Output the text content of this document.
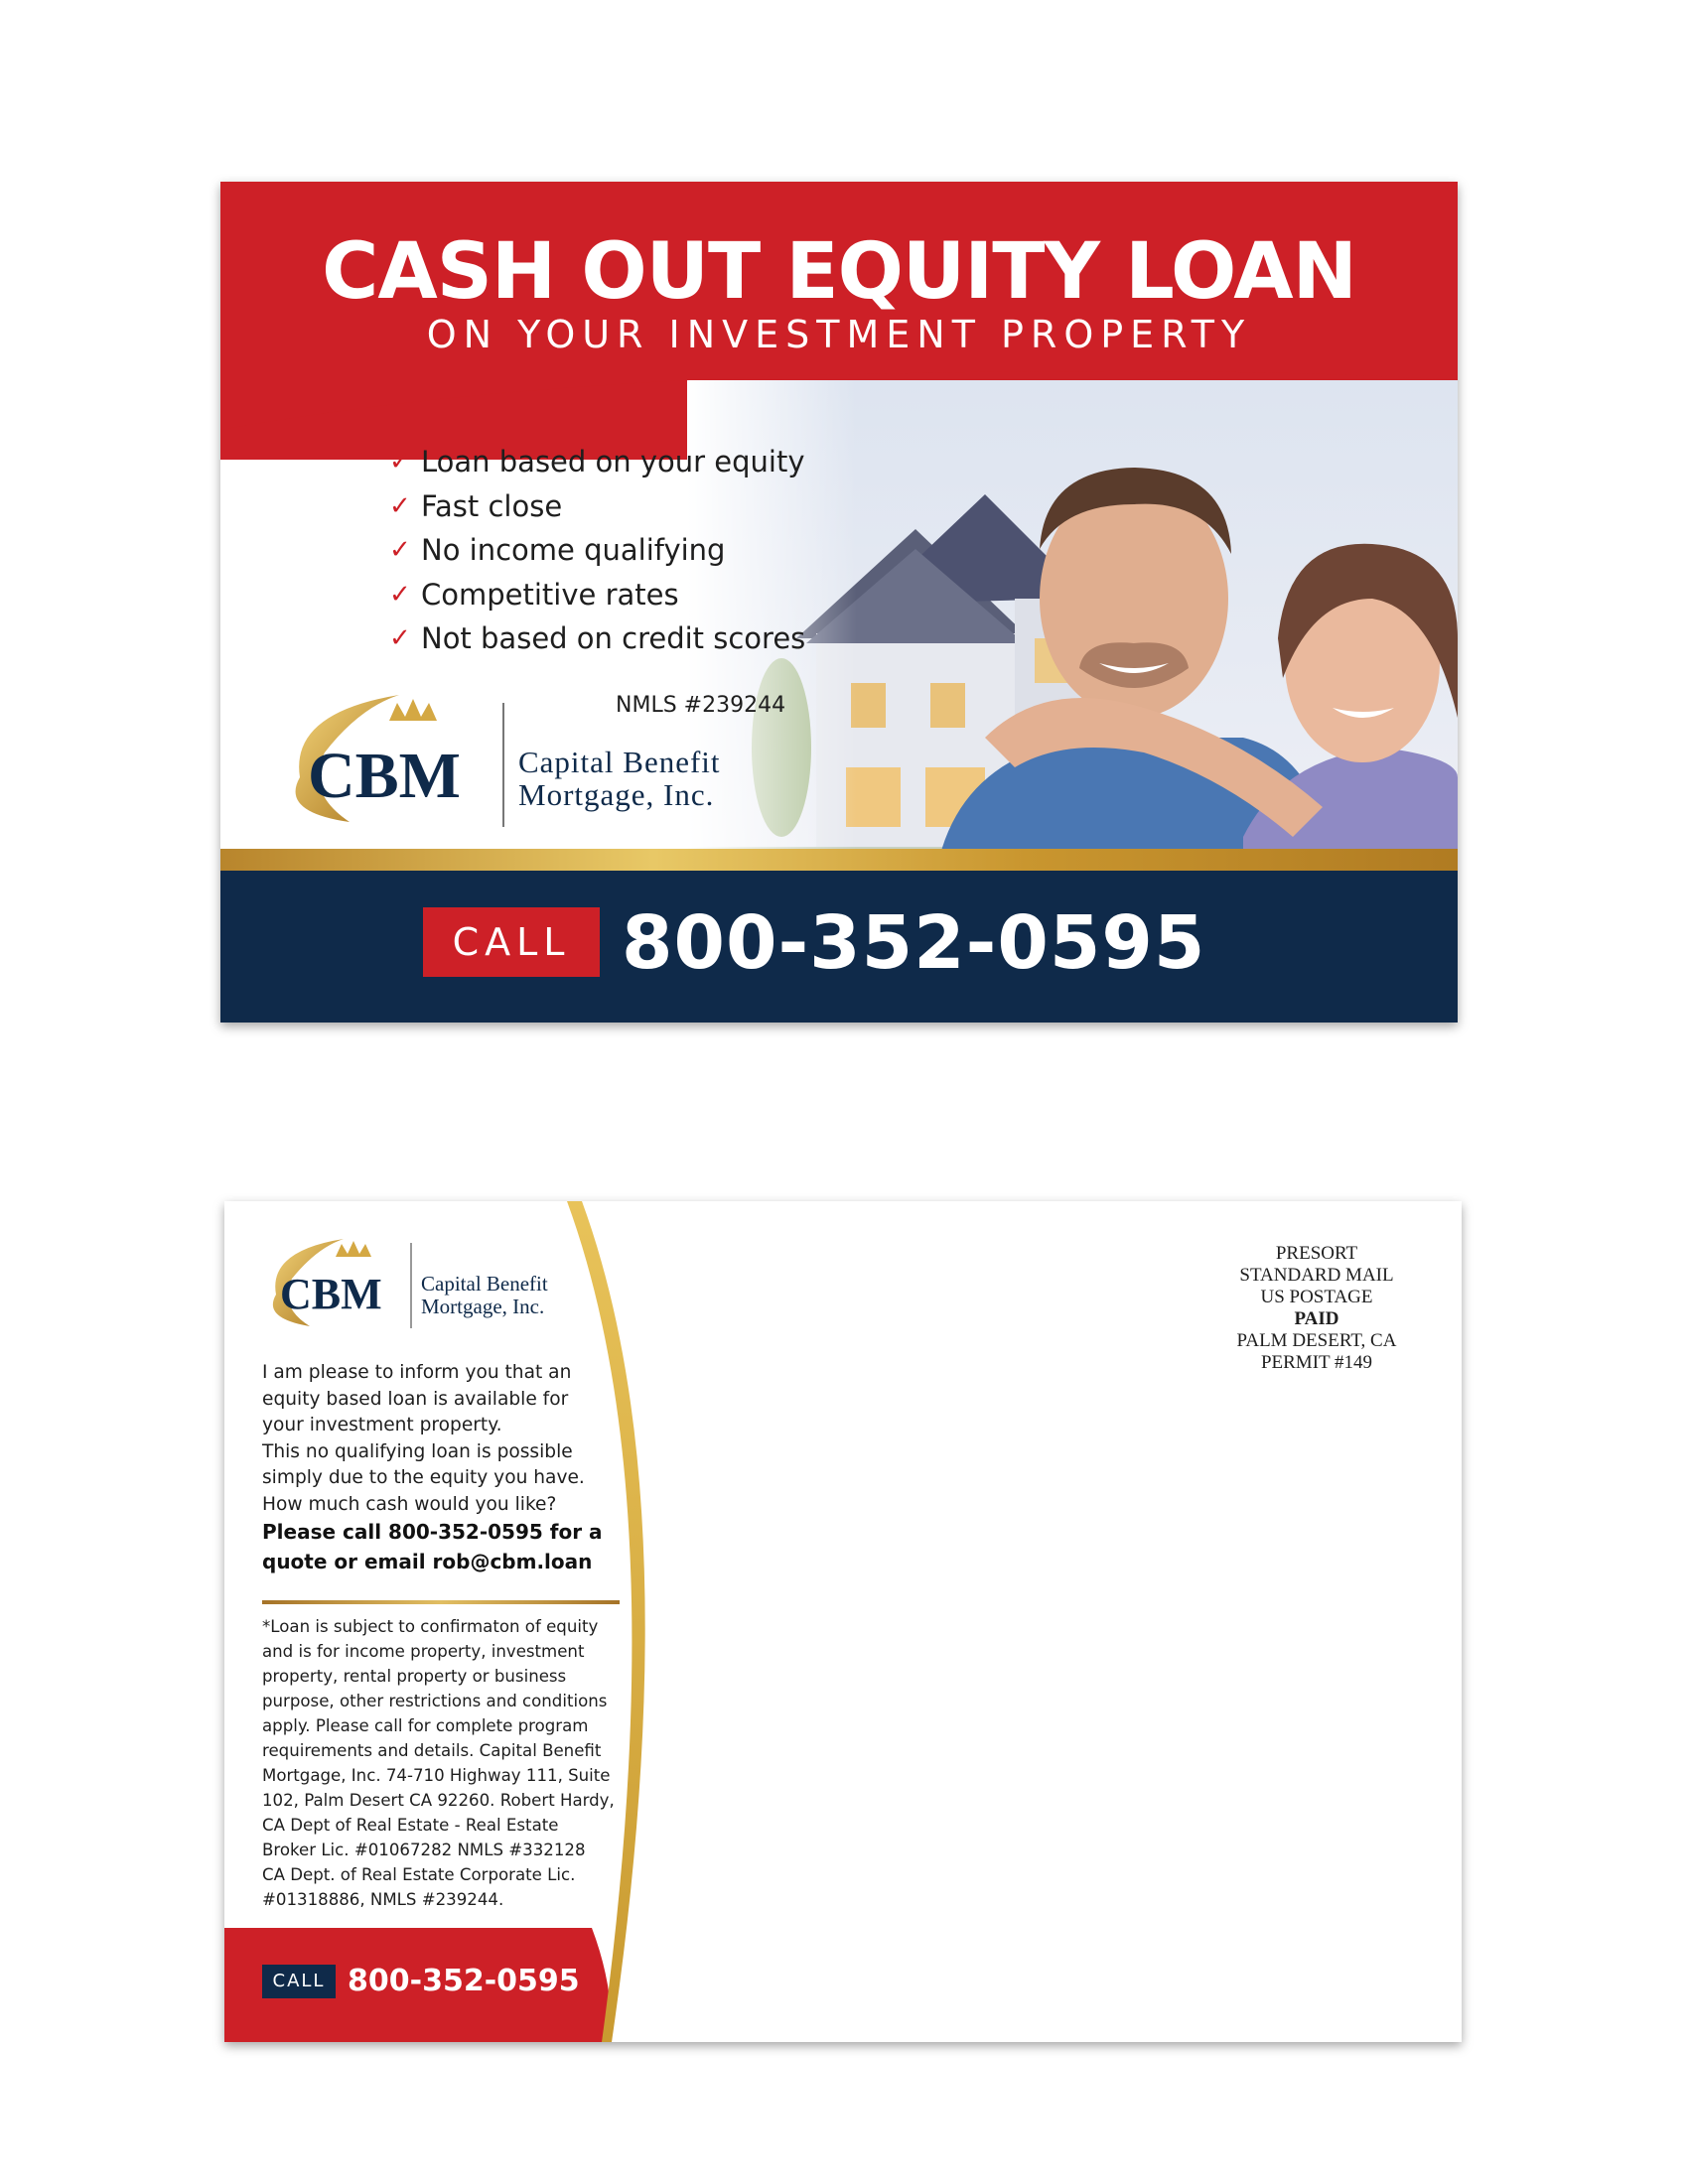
CASH OUT EQUITY LOAN
ON YOUR INVESTMENT PROPERTY
✓ Loan based on your equity
✓ Fast close
✓ No income qualifying
✓ Competitive rates
✓ Not based on credit scores
NMLS #239244
CBM Capital Benefit
Mortgage, Inc.
CALL 800-352-0595
CBM Capital Benefit
Mortgage, Inc.

I am please to inform you that an

equity based loan is available for

your investment property.

This no qualifying loan is possible

simply due to the equity you have.

How much cash would you like?

Please call 800-352-0595 for a
quote or email rob@cbm.loan
*Loan is subject to confirmaton of equity
and is for income property, investment
property, rental property or business
purpose, other restrictions and conditions
apply. Please call for complete program
requirements and details. Capital Benefit
Mortgage, Inc. 74-710 Highway 111, Suite
102, Palm Desert CA 92260. Robert Hardy,
CA Dept of Real Estate - Real Estate
Broker Lic. #01067282 NMLS #332128
CA Dept. of Real Estate Corporate Lic.
#01318886, NMLS #239244.
CALL 800-352-0595
PRESORT
STANDARD MAIL
US POSTAGE
PAID
PALM DESERT, CA
PERMIT #149
